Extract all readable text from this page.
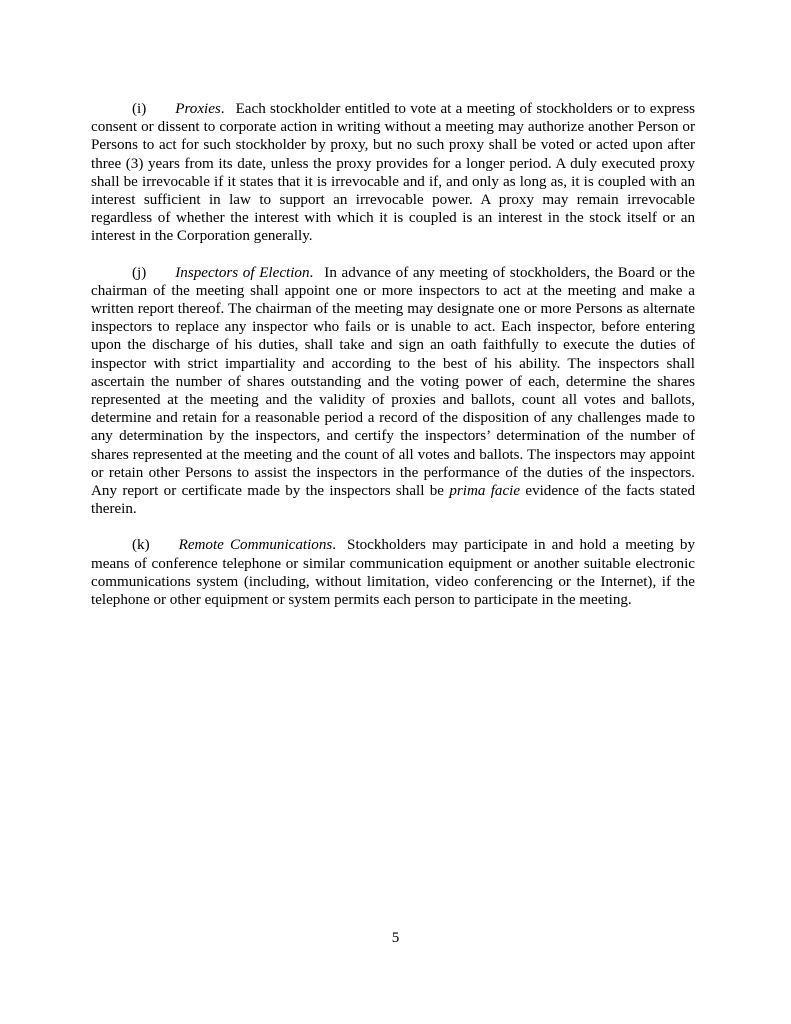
(i) Proxies. Each stockholder entitled to vote at a meeting of stockholders or to express consent or dissent to corporate action in writing without a meeting may authorize another Person or Persons to act for such stockholder by proxy, but no such proxy shall be voted or acted upon after three (3) years from its date, unless the proxy provides for a longer period. A duly executed proxy shall be irrevocable if it states that it is irrevocable and if, and only as long as, it is coupled with an interest sufficient in law to support an irrevocable power. A proxy may remain irrevocable regardless of whether the interest with which it is coupled is an interest in the stock itself or an interest in the Corporation generally.

(j) Inspectors of Election. In advance of any meeting of stockholders, the Board or the chairman of the meeting shall appoint one or more inspectors to act at the meeting and make a written report thereof. The chairman of the meeting may designate one or more Persons as alternate inspectors to replace any inspector who fails or is unable to act. Each inspector, before entering upon the discharge of his duties, shall take and sign an oath faithfully to execute the duties of inspector with strict impartiality and according to the best of his ability. The inspectors shall ascertain the number of shares outstanding and the voting power of each, determine the shares represented at the meeting and the validity of proxies and ballots, count all votes and ballots, determine and retain for a reasonable period a record of the disposition of any challenges made to any determination by the inspectors, and certify the inspectors’ determination of the number of shares represented at the meeting and the count of all votes and ballots. The inspectors may appoint or retain other Persons to assist the inspectors in the performance of the duties of the inspectors. Any report or certificate made by the inspectors shall be prima facie evidence of the facts stated therein.

(k) Remote Communications. Stockholders may participate in and hold a meeting by means of conference telephone or similar communication equipment or another suitable electronic communications system (including, without limitation, video conferencing or the Internet), if the telephone or other equipment or system permits each person to participate in the meeting.

5
